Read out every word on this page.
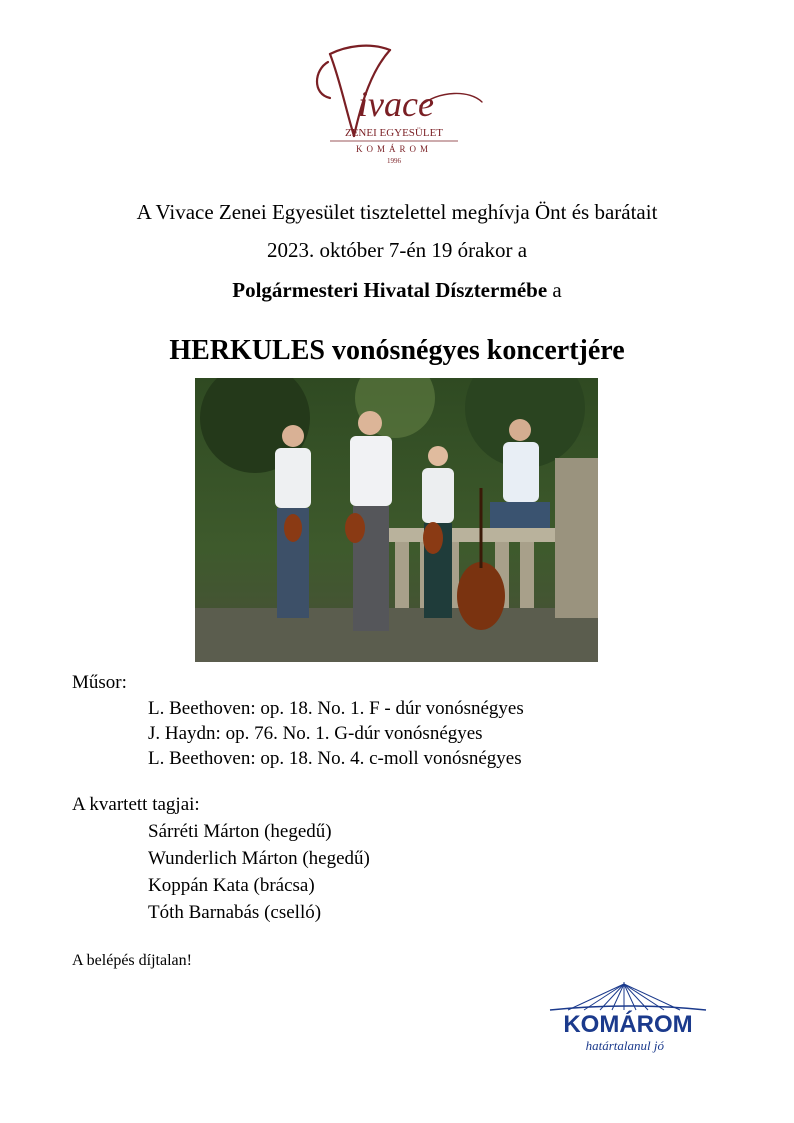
ivace
ZENEI EGYESÜLET
KOMÁROM
1996
A Vivace Zenei Egyesület tisztelettel meghívja Önt és barátait
2023. október 7-én 19 órakor a
Polgármesteri Hivatal Dísztermébe a
HERKULES vonósnégyes koncertjére
Műsor:
L. Beethoven: op. 18. No. 1. F - dúr vonósnégyes
J. Haydn: op. 76. No. 1. G-dúr vonósnégyes
L. Beethoven: op. 18. No. 4. c-moll vonósnégyes
A kvartett tagjai:
Sárréti Márton (hegedű)
Wunderlich Márton (hegedű)
Koppán Kata (brácsa)
Tóth Barnabás (cselló)
A belépés díjtalan!
KOMÁROM
határtalanul jó
